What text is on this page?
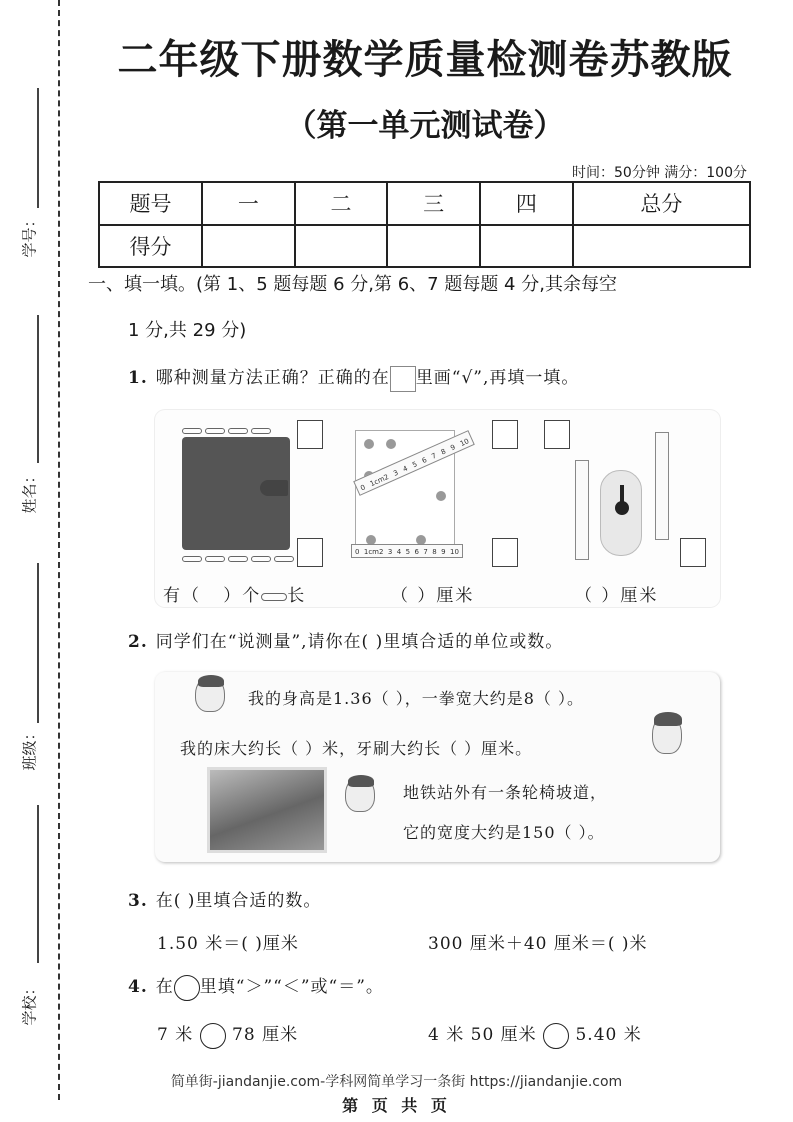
学号：
姓名：
班级：
学校：
二年级下册数学质量检测卷苏教版
（第一单元测试卷）
时间：50分钟 满分：100分
题号	一	二	三	四	总分
得分					
一、填一填。(第 1、5 题每题 6 分,第 6、7 题每题 4 分,其余每空
1 分,共 29 分)
1. 哪种测量方法正确？正确的在 里画“√”,再填一填。
0 1cm2 3 4 5 6 7 8 9 10
0 1cm2 3 4 5 6 7 8 9 10
有（ ）个 长	（ ）厘米	（ ）厘米
2. 同学们在“说测量”,请你在( )里填合适的单位或数。
我的身高是1.36（ ），一拳宽大约是8（ ）。
我的床大约长（ ）米，牙刷大约长（ ）厘米。
地铁站外有一条轮椅坡道，
它的宽度大约是150（ ）。
3. 在( )里填合适的数。
1.50 米＝( )厘米	300 厘米＋40 厘米＝( )米
4. 在 里填“＞”“＜”或“＝”。
7 米 78 厘米	4 米 50 厘米 5.40 米
简单街-jiandanjie.com-学科网简单学习一条街 https://jiandanjie.com
第 页 共 页
